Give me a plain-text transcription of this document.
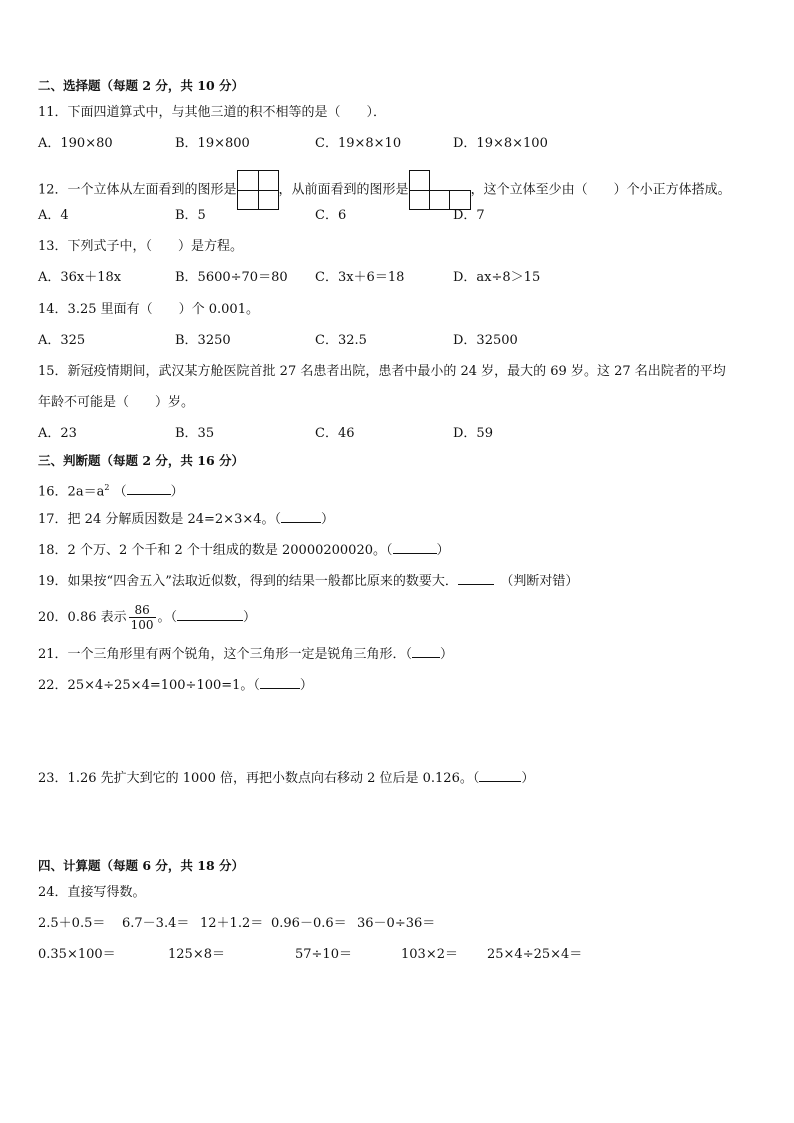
二、选择题（每题 2 分，共 10 分）
11．下面四道算式中，与其他三道的积不相等的是（　　）．
A．190×80	B．19×800	C．19×8×10	D．19×8×100
12．一个立体从左面看到的图形是	，从前面看到的图形是	，这个立体至少由（　　）个小正方体搭成。
A．4	B．5	C．6	D．7
13．下列式子中，（　　）是方程。
A．36x＋18x	B．5600÷70＝80 C．3x＋6＝18	D．ax÷8＞15
14．3.25 里面有（　　）个 0.001。
A．325	B．3250	C．32.5	D．32500
15．新冠疫情期间，武汉某方舱医院首批 27 名患者出院，患者中最小的 24 岁，最大的 69 岁。这 27 名出院者的平均
年龄不可能是（　　）岁。
A．23	B．35	C．46	D．59
三、判断题（每题 2 分，共 16 分）
16．$2a=a^2$ （	）
17．把 24 分解质因数是 24=2×3×4。（	）
18．2 个万、2 个千和 2 个十组成的数是 20000200020。（	）
19．如果按“四舍五入”法取近似数，得到的结果一般都比原来的数要大．　	（判断对错）
20．0.86 表示 $\frac{86}{100}$ 。（	）
21．一个三角形里有两个锐角，这个三角形一定是锐角三角形．（ ）
22．25×4÷25×4=100÷100=1。（	）
23．1.26 先扩大到它的 1000 倍，再把小数点向右移动 2 位后是 0.126。（	）
四、计算题（每题 6 分，共 18 分）
24．直接写得数。
2.5＋0.5＝ 6.7－3.4＝ 12＋1.2＝ 0.96－0.6＝ 36－0÷36＝
0.35×100＝	125×8＝	57÷10＝	103×2＝ 25×4÷25×4＝
